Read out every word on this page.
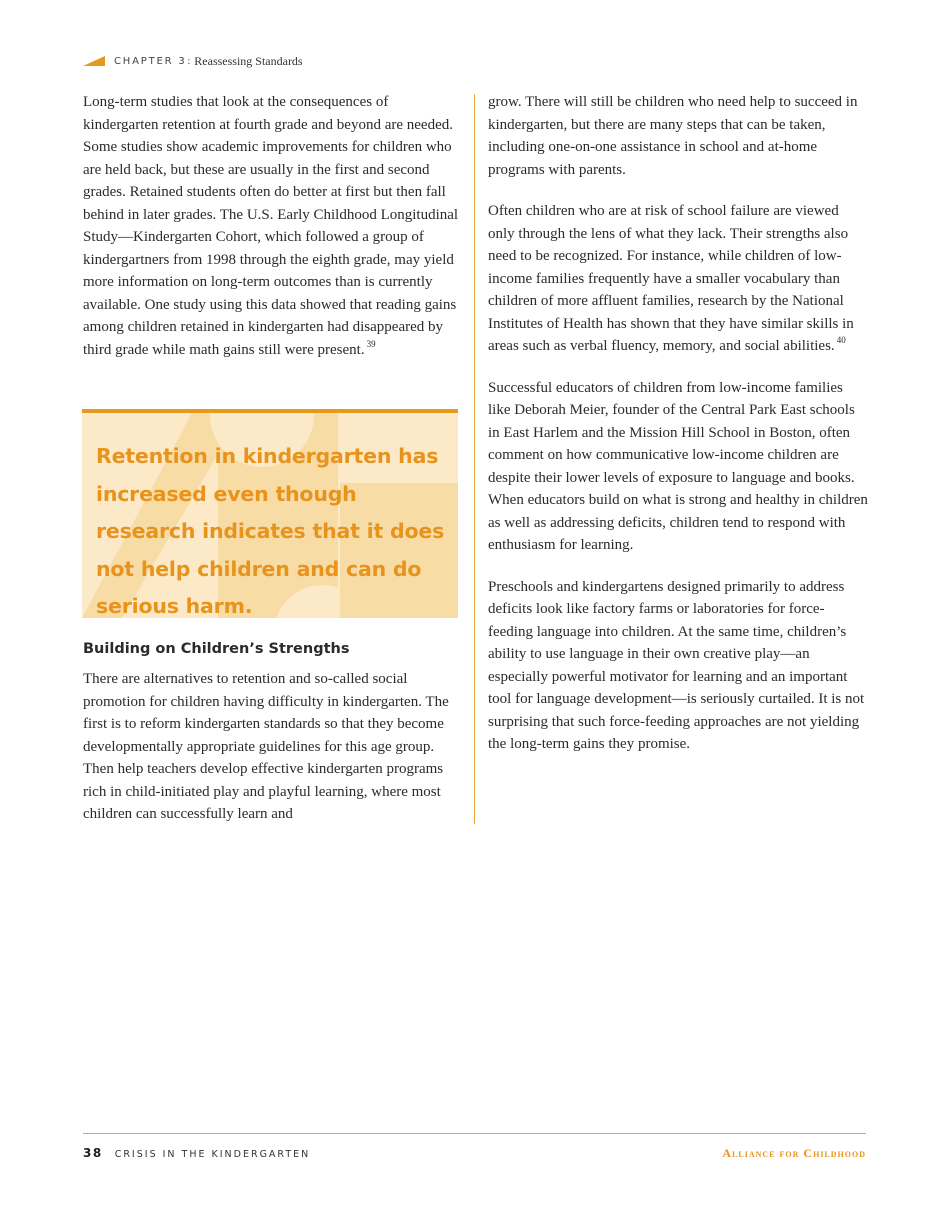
CHAPTER 3 : Reassessing Standards

Long-term studies that look at the consequences of kindergarten retention at fourth grade and beyond are needed. Some studies show academic improvements for children who are held back, but these are usually in the first and second grades. Retained students often do better at first but then fall behind in later grades. The U.S. Early Childhood Longitudinal Study—Kindergarten Cohort, which followed a group of kindergartners from 1998 through the eighth grade, may yield more information on long-term outcomes than is currently available. One study using this data showed that reading gains among children retained in kindergarten had disappeared by third grade while math gains still were present. $^{39}$

Retention in kindergarten has increased even though research indicates that it does not help children and can do serious harm.
Building on Children’s Strengths

There are alternatives to retention and so-called social promotion for children having difficulty in kindergarten. The first is to reform kindergarten standards so that they become developmentally appropriate guidelines for this age group. Then help teachers develop effective kindergarten programs rich in child-initiated play and playful learning, where most children can successfully learn and

grow. There will still be children who need help to succeed in kindergarten, but there are many steps that can be taken, including one-on-one assistance in school and at-home programs with parents.

Often children who are at risk of school failure are viewed only through the lens of what they lack. Their strengths also need to be recognized. For instance, while children of low-income families frequently have a smaller vocabulary than children of more affluent families, research by the National Institutes of Health has shown that they have similar skills in areas such as verbal fluency, memory, and social abilities. $^{40}$

Successful educators of children from low-income families like Deborah Meier, founder of the Central Park East schools in East Harlem and the Mission Hill School in Boston, often comment on how communicative low-income children are despite their lower levels of exposure to language and books. When educators build on what is strong and healthy in children as well as addressing deficits, children tend to respond with enthusiasm for learning.

Preschools and kindergartens designed primarily to address deficits look like factory farms or laboratories for force-feeding language into children. At the same time, children’s ability to use language in their own creative play—an especially powerful motivator for learning and an important tool for language development—is seriously curtailed. It is not surprising that such force-feeding approaches are not yielding the long-term gains they promise.

38 CRISIS IN THE KINDERGARTEN	Alliance for Childhood
